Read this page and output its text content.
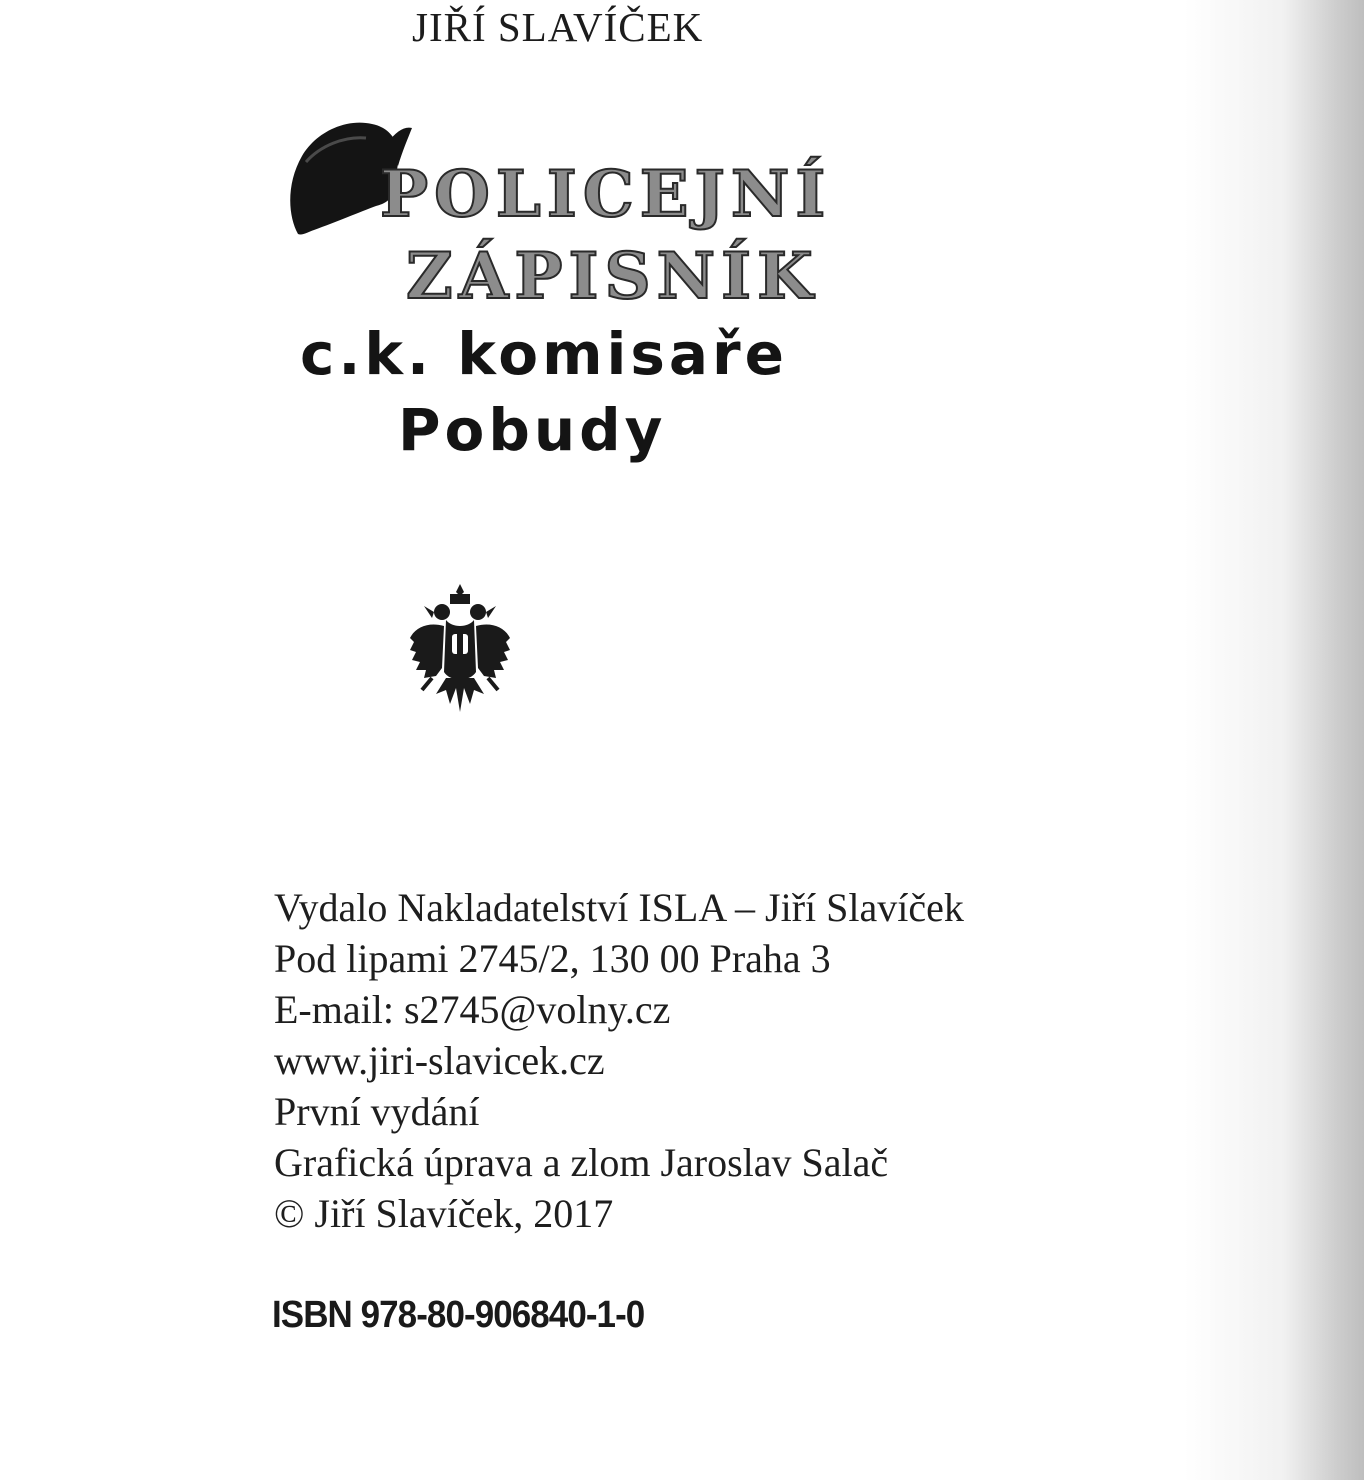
JIŘÍ SLAVÍČEK
POLICEJNÍ
ZÁPISNÍK
c.k. komisaře
Pobudy
Vydalo Nakladatelství ISLA – Jiří Slavíček
Pod lipami 2745/2, 130 00 Praha 3
E-mail: s2745@volny.cz
www.jiri-slavicek.cz
První vydání
Grafická úprava a zlom Jaroslav Salač
© Jiří Slavíček, 2017
ISBN 978-80-906840-1-0
